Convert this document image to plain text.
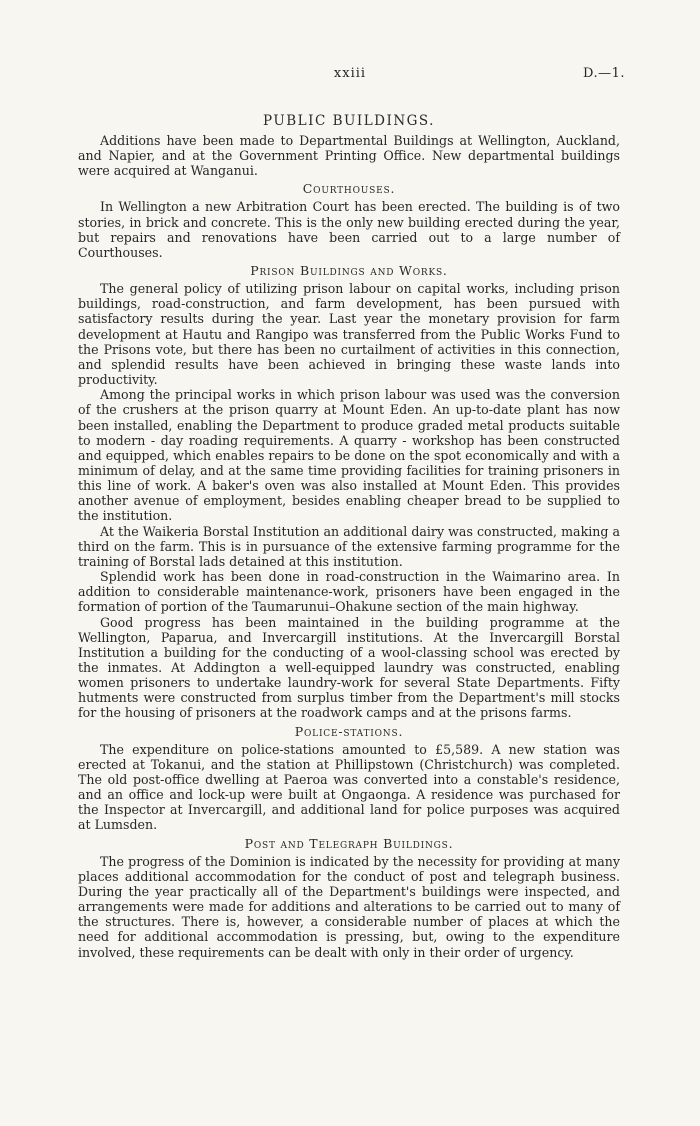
xxiii	D.—1.
PUBLIC BUILDINGS.

Additions have been made to Departmental Buildings at Wellington, Auckland, and Napier, and at the Government Printing Office. New departmental buildings were acquired at Wanganui.

Courthouses.

In Wellington a new Arbitration Court has been erected. The building is of two stories, in brick and concrete. This is the only new building erected during the year, but repairs and renovations have been carried out to a large number of Courthouses.

Prison Buildings and Works.

The general policy of utilizing prison labour on capital works, including prison buildings, road-construction, and farm development, has been pursued with satisfactory results during the year. Last year the monetary provision for farm development at Hautu and Rangipo was transferred from the Public Works Fund to the Prisons vote, but there has been no curtailment of activities in this connection, and splendid results have been achieved in bringing these waste lands into productivity.

Among the principal works in which prison labour was used was the conversion of the crushers at the prison quarry at Mount Eden. An up-to-date plant has now been installed, enabling the Department to produce graded metal products suitable to modern - day roading requirements. A quarry - workshop has been constructed and equipped, which enables repairs to be done on the spot economically and with a minimum of delay, and at the same time providing facilities for training prisoners in this line of work. A baker's oven was also installed at Mount Eden. This provides another avenue of employment, besides enabling cheaper bread to be supplied to the institution.

At the Waikeria Borstal Institution an additional dairy was constructed, making a third on the farm. This is in pursuance of the extensive farming programme for the training of Borstal lads detained at this institution.

Splendid work has been done in road-construction in the Waimarino area. In addition to considerable maintenance-work, prisoners have been engaged in the formation of portion of the Taumarunui–Ohakune section of the main highway.

Good progress has been maintained in the building programme at the Wellington, Paparua, and Invercargill institutions. At the Invercargill Borstal Institution a building for the conducting of a wool-classing school was erected by the inmates. At Addington a well-equipped laundry was constructed, enabling women prisoners to undertake laundry-work for several State Departments. Fifty hutments were constructed from surplus timber from the Department's mill stocks for the housing of prisoners at the roadwork camps and at the prisons farms.

Police-stations.

The expenditure on police-stations amounted to £5,589. A new station was erected at Tokanui, and the station at Phillipstown (Christchurch) was completed. The old post-office dwelling at Paeroa was converted into a constable's residence, and an office and lock-up were built at Ongaonga. A residence was purchased for the Inspector at Invercargill, and additional land for police purposes was acquired at Lumsden.

Post and Telegraph Buildings.

The progress of the Dominion is indicated by the necessity for providing at many places additional accommodation for the conduct of post and telegraph business. During the year practically all of the Department's buildings were inspected, and arrangements were made for additions and alterations to be carried out to many of the structures. There is, however, a considerable number of places at which the need for additional accommodation is pressing, but, owing to the expenditure involved, these requirements can be dealt with only in their order of urgency.
